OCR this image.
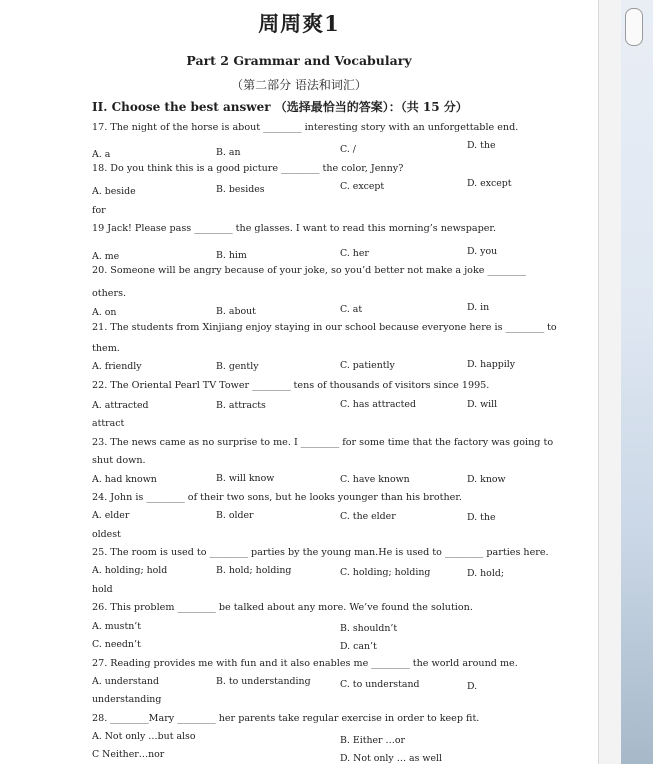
周周爽1
Part 2 Grammar and Vocabulary
（第二部分 语法和词汇）
II. Choose the best answer （选择最恰当的答案）：（共 15 分）
17. The night of the horse is about ________ interesting story with an unforgettable end.
A. a	B. an	C. /	D. the
18. Do you think this is a good picture ________ the color, Jenny?
A. beside	B. besides	C. except	D. except
for
19 Jack! Please pass ________ the glasses. I want to read this morning’s newspaper.
A. me	B. him	C. her	D. you
20. Someone will be angry because of your joke, so you’d better not make a joke ________
others.
A. on	B. about	C. at	D. in
21. The students from Xinjiang enjoy staying in our school because everyone here is ________ to
them.
A. friendly	B. gently	C. patiently	D. happily
22. The Oriental Pearl TV Tower ________ tens of thousands of visitors since 1995.
A. attracted	B. attracts	C. has attracted	D. will
attract
23. The news came as no surprise to me. I ________ for some time that the factory was going to
shut down.
A. had known	B. will know	C. have known	D. know
24. John is ________ of their two sons, but he looks younger than his brother.
A. elder	B. older	C. the elder	D. the
oldest
25. The room is used to ________ parties by the young man.He is used to ________ parties here.
A. holding; hold	B. hold; holding	C. holding; holding	D. hold;
hold
26. This problem ________ be talked about any more. We’ve found the solution.
A. mustn’t	B. shouldn’t
C. needn’t	D. can’t
27. Reading provides me with fun and it also enables me ________ the world around me.
A. understand	B. to understanding	C. to understand	D.
understanding
28. ________Mary ________ her parents take regular exercise in order to keep fit.
A. Not only …but also	B. Either …or
C Neither…nor	D. Not only … as well
